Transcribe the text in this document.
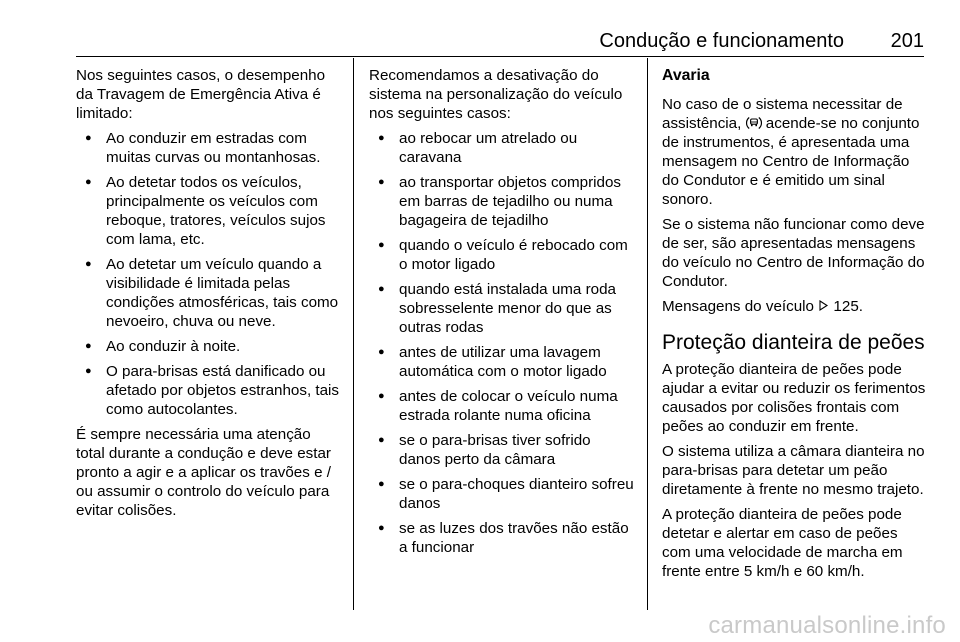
Condução e funcionamento 201

Nos seguintes casos, o desempenho da Travagem de Emergência Ativa é limitado:

● Ao conduzir em estradas com muitas curvas ou montanhosas.
● Ao detetar todos os veículos, principalmente os veículos com reboque, tratores, veículos sujos com lama, etc.
● Ao detetar um veículo quando a visibilidade é limitada pelas condições atmosféricas, tais como nevoeiro, chuva ou neve.
● Ao conduzir à noite.
● O para-brisas está danificado ou afetado por objetos estranhos, tais como autocolantes.

É sempre necessária uma atenção total durante a condução e deve estar pronto a agir e a aplicar os travões e / ou assumir o controlo do veículo para evitar colisões.

Recomendamos a desativação do sistema na personalização do veículo nos seguintes casos:

● ao rebocar um atrelado ou caravana
● ao transportar objetos compridos em barras de tejadilho ou numa bagageira de tejadilho
● quando o veículo é rebocado com o motor ligado
● quando está instalada uma roda sobresselente menor do que as outras rodas
● antes de utilizar uma lavagem automática com o motor ligado
● antes de colocar o veículo numa estrada rolante numa oficina
● se o para-brisas tiver sofrido danos perto da câmara
● se o para-choques dianteiro sofreu danos
● se as luzes dos travões não estão a funcionar

Avaria

No caso de o sistema necessitar de assistência,  acende-se no conjunto de instrumentos, é apresentada uma mensagem no Centro de Informação do Condutor e é emitido um sinal sonoro.

Se o sistema não funcionar como deve de ser, são apresentadas mensagens do veículo no Centro de Informação do Condutor.

Mensagens do veículo  125.

Proteção dianteira de peões

A proteção dianteira de peões pode ajudar a evitar ou reduzir os ferimentos causados por colisões frontais com peões ao conduzir em frente.

O sistema utiliza a câmara dianteira no para-brisas para detetar um peão diretamente à frente no mesmo trajeto.

A proteção dianteira de peões pode detetar e alertar em caso de peões com uma velocidade de marcha em frente entre 5 km/h e 60 km/h.

carmanualsonline.info
